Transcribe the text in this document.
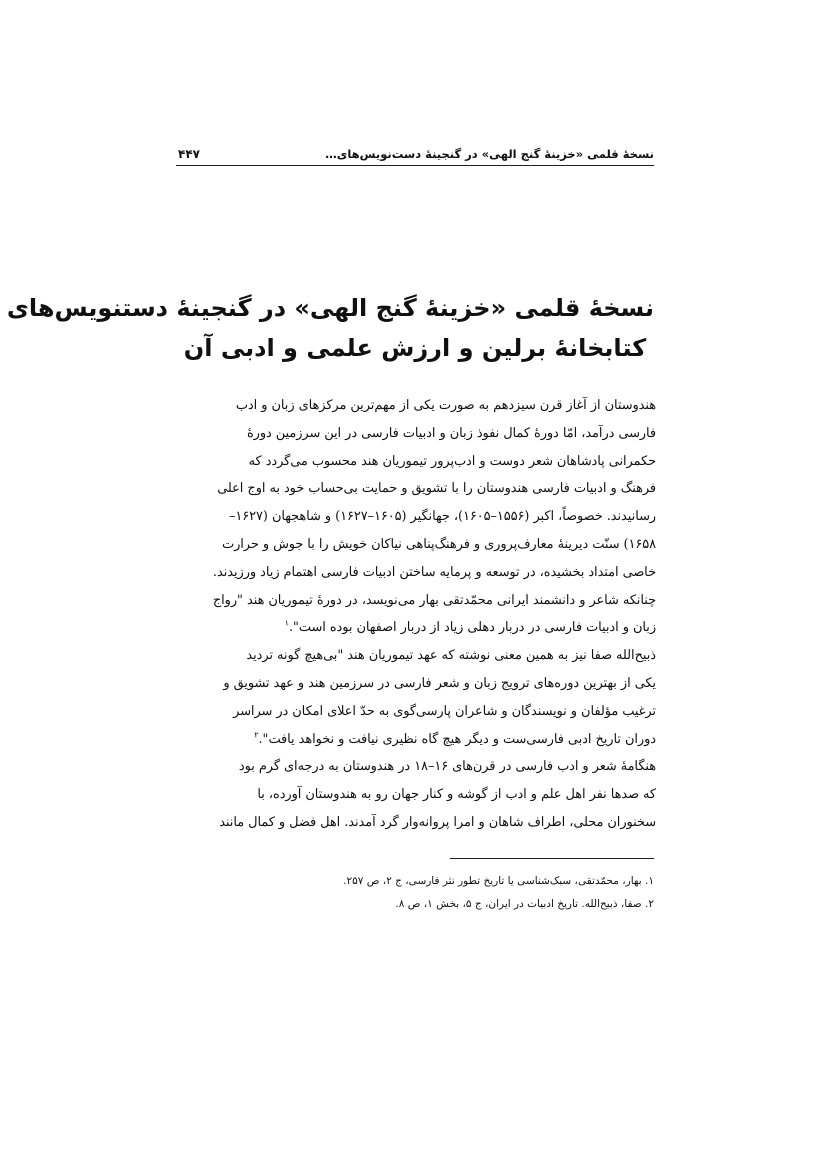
نسخهٔ قلمی «خزینهٔ گنج الهی» در گنجینهٔ دست‌نویس‌های…
۴۴۷
نسخهٔ قلمی «خزینهٔ گنج الهی» در گنجینهٔ دستنویس‌های
کتابخانهٔ برلین و ارزش علمی و ادبی آن
هندوستان از آغاز قرن سیزدهم به صورت یکی از مهم‌ترین مرکزهای زبان و ادب
فارسی درآمد، امّا دورهٔ کمال نفوذ زبان و ادبیات فارسی در این سرزمین دورهٔ
حکمرانی پادشاهان شعر دوست و ادب‌پرور تیموریان هند محسوب می‌گردد که
فرهنگ و ادبیات فارسی هندوستان را با تشویق و حمایت بی‌حساب خود به اوج اعلی
رسانیدند. خصوصاً، اکبر (۱۵۵۶–۱۶۰۵)، جهانگیر (۱۶۰۵–۱۶۲۷) و شاهجهان (۱۶۲۷–
۱۶۵۸) سنّت دیرینهٔ معارف‌پروری و فرهنگ‌پناهی نیاکان خویش را با جوش و حرارت
خاصی امتداد بخشیده، در توسعه و پرمایه ساختن ادبیات فارسی اهتمام زیاد ورزیدند.
چنانکه شاعر و دانشمند ایرانی محمّدتقی بهار می‌نویسد، در دورهٔ تیموریان هند "رواج
زبان و ادبیات فارسی در دربار دهلی زیاد از دربار اصفهان بوده است".$^۱$
ذبیح‌الله صفا نیز به همین معنی نوشته که عهد تیموریان هند "بی‌هیچ گونه تردید
یکی از بهترین دوره‌های ترویج زبان و شعر فارسی در سرزمین هند و عهد تشویق و
ترغیب مؤلفان و نویسندگان و شاعران پارسی‌گوی به حدّ اعلای امکان در سراسر
دوران تاریخ ادبی فارسی‌ست و دیگر هیچ گاه نظیری نیافت و نخواهد یافت".$^۲$
هنگامهٔ شعر و ادب فارسی در قرن‌های ۱۶–۱۸ در هندوستان به درجه‌ای گرم بود
که صدها نفر اهل علم و ادب از گوشه و کنار جهان رو به هندوستان آورده، با
سخنوران محلی، اطراف شاهان و امرا پروانه‌وار گرد آمدند. اهل فضل و کمال مانند
۱. بهار، محمّدتقی، سبک‌شناسی یا تاریخ تطور نثر فارسی، ج ۲، ص ۲۵۷.
۲. صفا، ذبیح‌الله. تاریخ ادبیات در ایران، ج ۵، بخش ۱، ص ۸.
